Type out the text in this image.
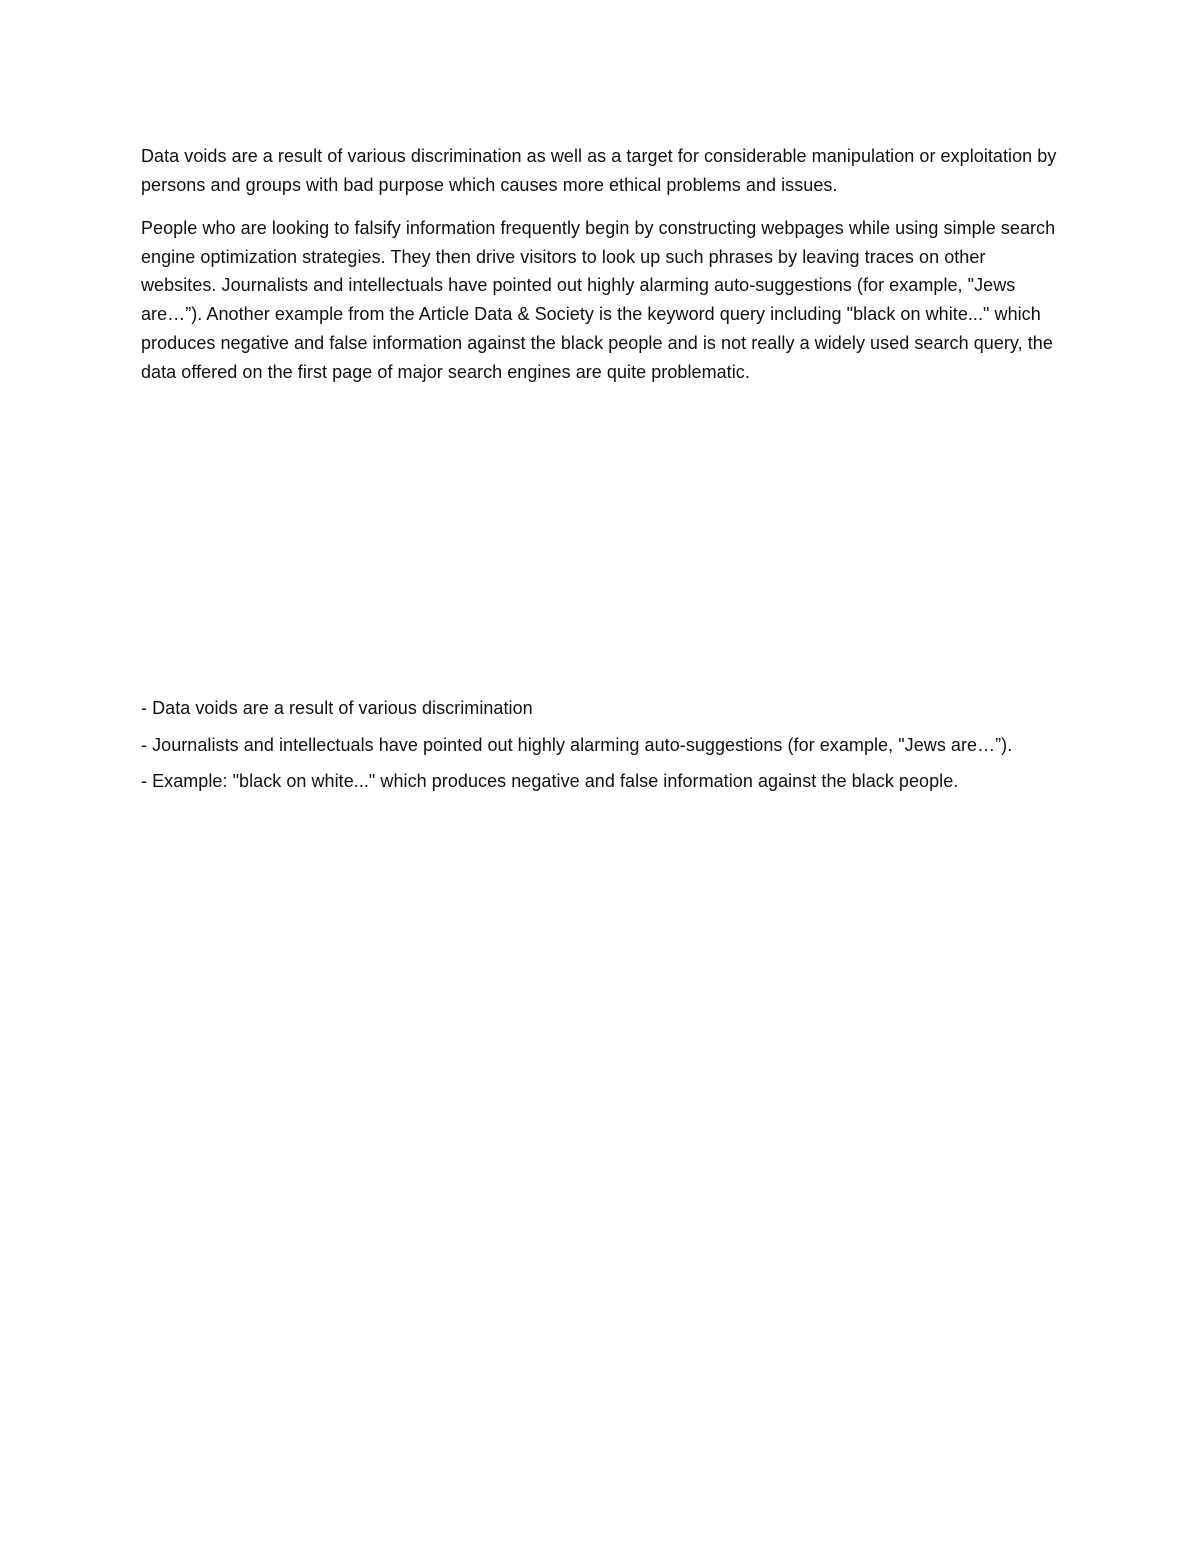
Data voids are a result of various discrimination as well as a target for considerable manipulation or exploitation by persons and groups with bad purpose which causes more ethical problems and issues.

People who are looking to falsify information frequently begin by constructing webpages while using simple search engine optimization strategies. They then drive visitors to look up such phrases by leaving traces on other websites. Journalists and intellectuals have pointed out highly alarming auto-suggestions (for example, "Jews are…”). Another example from the Article Data & Society is the keyword query including "black on white..." which produces negative and false information against the black people and is not really a widely used search query, the data offered on the first page of major search engines are quite problematic.

- Data voids are a result of various discrimination

- Journalists and intellectuals have pointed out highly alarming auto-suggestions (for example, "Jews are…”).

- Example: "black on white..." which produces negative and false information against the black people.
